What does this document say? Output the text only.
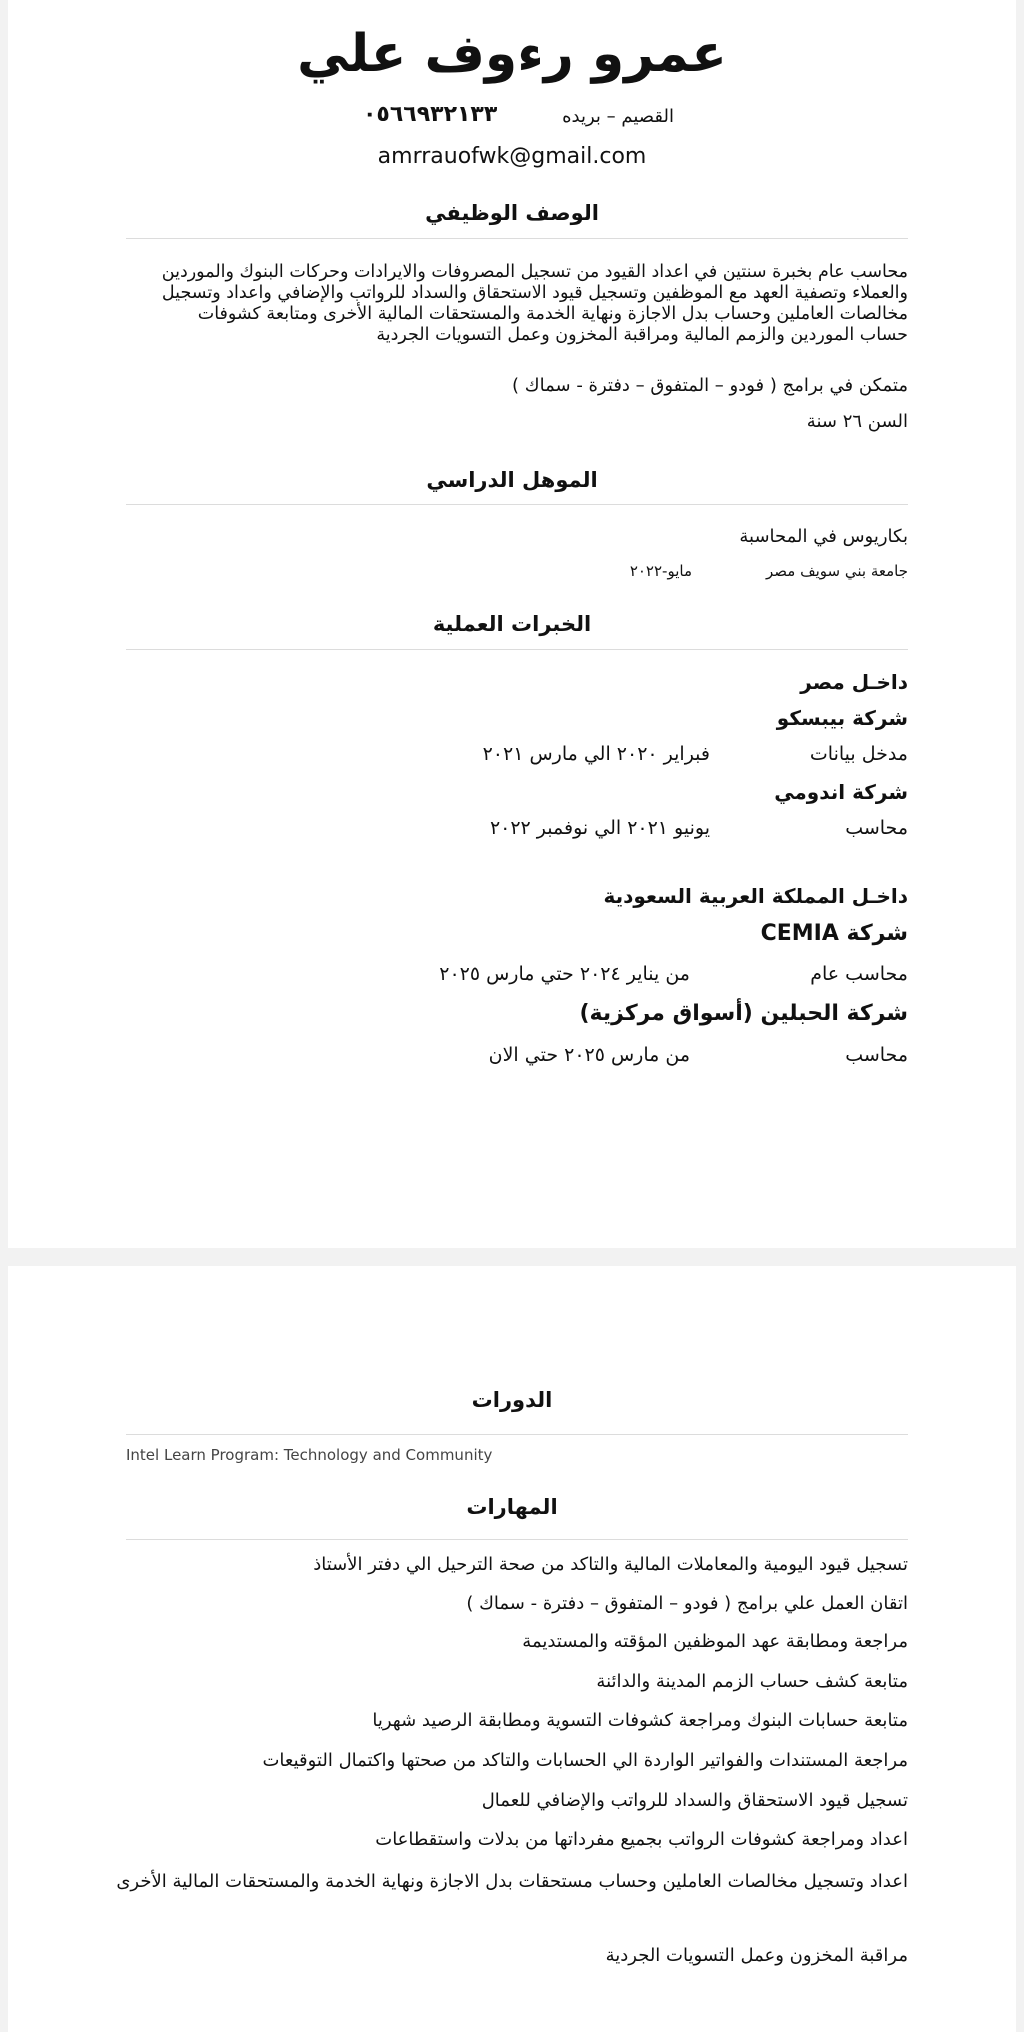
عمرو رءوف علي
القصيم – بريده
٠٥٦٦٩٣٢١٣٣
amrrauofwk@gmail.com
الوصف الوظيفي
محاسب عام بخبرة سنتين في اعداد القيود من تسجيل المصروفات والايرادات وحركات البنوك والموردين
والعملاء وتصفية العهد مع الموظفين وتسجيل قيود الاستحقاق والسداد للرواتب والإضافي واعداد وتسجيل
مخالصات العاملين وحساب بدل الاجازة ونهاية الخدمة والمستحقات المالية الأخرى ومتابعة كشوفات
حساب الموردين والزمم المالية ومراقبة المخزون وعمل التسويات الجردية
متمكن في برامج ( فودو – المتفوق – دفترة - سماك )
السن ٢٦ سنة
الموهل الدراسي
بكاريوس في المحاسبة
جامعة بني سويف مصر
مايو-٢٠٢٢
الخبرات العملية
داخـل مصر
شركة بيبسكو
مدخل بيانات
فبراير ٢٠٢٠ الي مارس ٢٠٢١
شركة اندومي
محاسب
يونيو ٢٠٢١ الي نوفمبر ٢٠٢٢
داخـل المملكة العربية السعودية
شركة CEMIA
محاسب عام
من يناير ٢٠٢٤ حتي مارس ٢٠٢٥
شركة الحبلين (أسواق مركزية)
محاسب
من مارس ٢٠٢٥ حتي الان
الدورات
Intel Learn Program: Technology and Community
المهارات
تسجيل قيود اليومية والمعاملات المالية والتاكد من صحة الترحيل الي دفتر الأستاذ
اتقان العمل علي برامج ( فودو – المتفوق – دفترة - سماك )
مراجعة ومطابقة عهد الموظفين المؤقته والمستديمة
متابعة كشف حساب الزمم المدينة والدائنة
متابعة حسابات البنوك ومراجعة كشوفات التسوية ومطابقة الرصيد شهريا
مراجعة المستندات والفواتير الواردة الي الحسابات والتاكد من صحتها واكتمال التوقيعات
تسجيل قيود الاستحقاق والسداد للرواتب والإضافي للعمال
اعداد ومراجعة كشوفات الرواتب بجميع مفرداتها من بدلات واستقطاعات
اعداد وتسجيل مخالصات العاملين وحساب مستحقات بدل الاجازة ونهاية الخدمة والمستحقات المالية الأخرى
مراقبة المخزون وعمل التسويات الجردية
